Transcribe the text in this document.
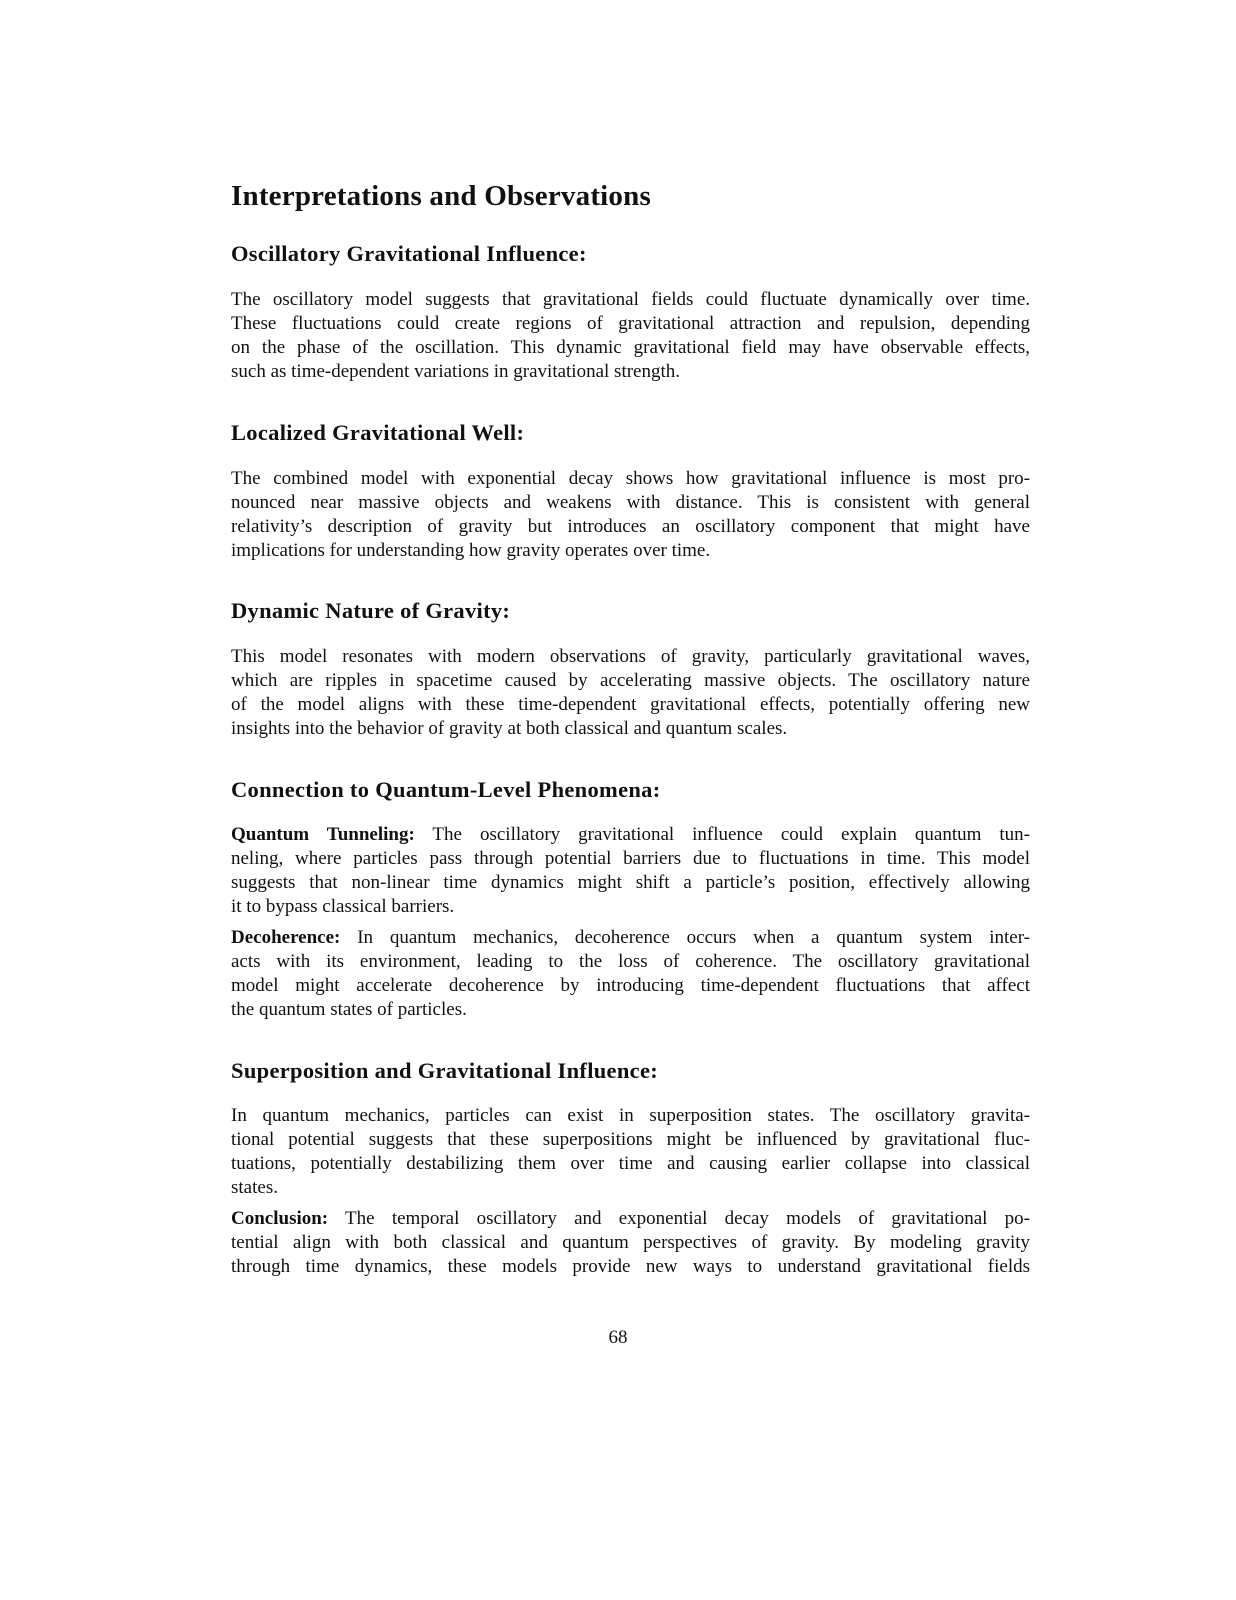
Interpretations and Observations
Oscillatory Gravitational Influence:
The oscillatory model suggests that gravitational fields could fluctuate dynamically over time.
These fluctuations could create regions of gravitational attraction and repulsion, depending
on the phase of the oscillation. This dynamic gravitational field may have observable effects,
such as time-dependent variations in gravitational strength.
Localized Gravitational Well:
The combined model with exponential decay shows how gravitational influence is most pro-
nounced near massive objects and weakens with distance. This is consistent with general
relativity’s description of gravity but introduces an oscillatory component that might have
implications for understanding how gravity operates over time.
Dynamic Nature of Gravity:
This model resonates with modern observations of gravity, particularly gravitational waves,
which are ripples in spacetime caused by accelerating massive objects. The oscillatory nature
of the model aligns with these time-dependent gravitational effects, potentially offering new
insights into the behavior of gravity at both classical and quantum scales.
Connection to Quantum-Level Phenomena:
Quantum Tunneling: The oscillatory gravitational influence could explain quantum tun-
neling, where particles pass through potential barriers due to fluctuations in time. This model
suggests that non-linear time dynamics might shift a particle’s position, effectively allowing
it to bypass classical barriers.
Decoherence: In quantum mechanics, decoherence occurs when a quantum system inter-
acts with its environment, leading to the loss of coherence. The oscillatory gravitational
model might accelerate decoherence by introducing time-dependent fluctuations that affect
the quantum states of particles.
Superposition and Gravitational Influence:
In quantum mechanics, particles can exist in superposition states. The oscillatory gravita-
tional potential suggests that these superpositions might be influenced by gravitational fluc-
tuations, potentially destabilizing them over time and causing earlier collapse into classical
states.
Conclusion: The temporal oscillatory and exponential decay models of gravitational po-
tential align with both classical and quantum perspectives of gravity. By modeling gravity
through time dynamics, these models provide new ways to understand gravitational fields
68
